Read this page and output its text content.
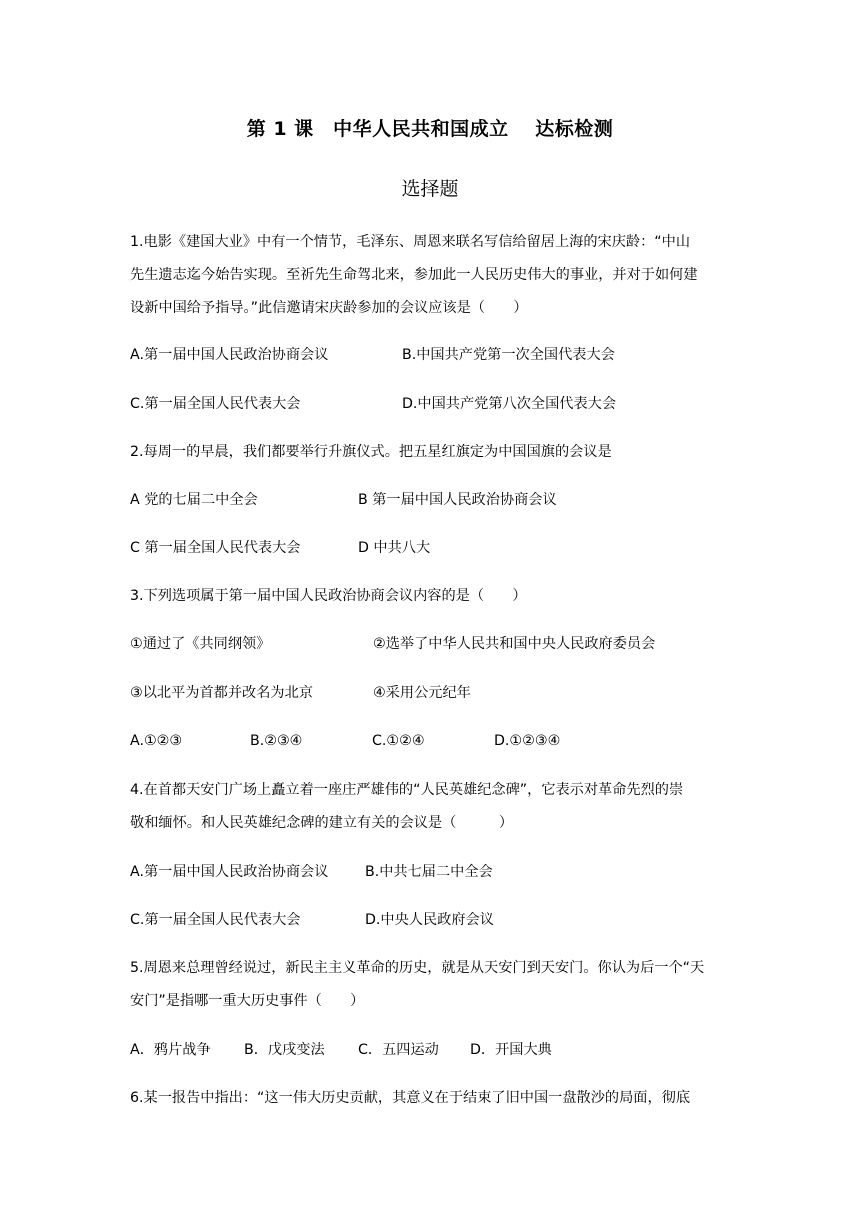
第 1 课　中华人民共和国成立　 达标检测
选择题
1.电影《建国大业》中有一个情节，毛泽东、周恩来联名写信给留居上海的宋庆龄：“中山
先生遗志迄今始告实现。至祈先生命驾北来，参加此一人民历史伟大的事业，并对于如何建
设新中国给予指导。”此信邀请宋庆龄参加的会议应该是（　　）
A.第一届中国人民政治协商会议	B.中国共产党第一次全国代表大会
C.第一届全国人民代表大会	D.中国共产党第八次全国代表大会
2.每周一的早晨，我们都要举行升旗仪式。把五星红旗定为中国国旗的会议是
A 党的七届二中全会	B 第一届中国人民政治协商会议
C 第一届全国人民代表大会	D 中共八大
3.下列选项属于第一届中国人民政治协商会议内容的是（　　）
①通过了《共同纲领》	②选举了中华人民共和国中央人民政府委员会
③以北平为首都并改名为北京	④采用公元纪年
A.①②③	B.②③④	C.①②④	D.①②③④
4.在首都天安门广场上矗立着一座庄严雄伟的“人民英雄纪念碑”，它表示对革命先烈的崇
敬和缅怀。和人民英雄纪念碑的建立有关的会议是（　　　）
A.第一届中国人民政治协商会议	B.中共七届二中全会
C.第一届全国人民代表大会	D.中央人民政府会议
5.周恩来总理曾经说过，新民主主义革命的历史，就是从天安门到天安门。你认为后一个“天
安门”是指哪一重大历史事件（　　）
A．鸦片战争 B．戊戌变法 C．五四运动 D．开国大典
6.某一报告中指出：“这一伟大历史贡献，其意义在于结束了旧中国一盘散沙的局面，彻底
